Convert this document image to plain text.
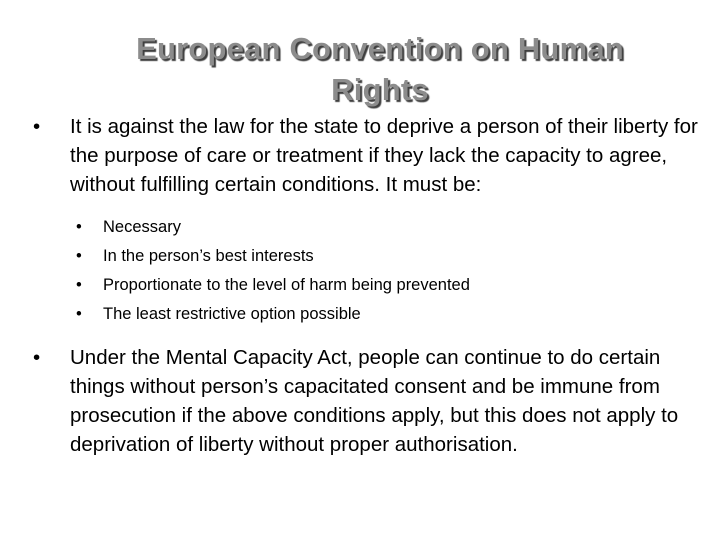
European Convention on Human
Rights
• It is against the law for the state to deprive a person of their liberty for the purpose of care or treatment if they lack the capacity to agree, without fulfilling certain conditions. It must be:
• Necessary
• In the person’s best interests
• Proportionate to the level of harm being prevented
• The least restrictive option possible
• Under the Mental Capacity Act, people can continue to do certain things without person’s capacitated consent and be immune from prosecution if the above conditions apply, but this does not apply to deprivation of liberty without proper authorisation.
